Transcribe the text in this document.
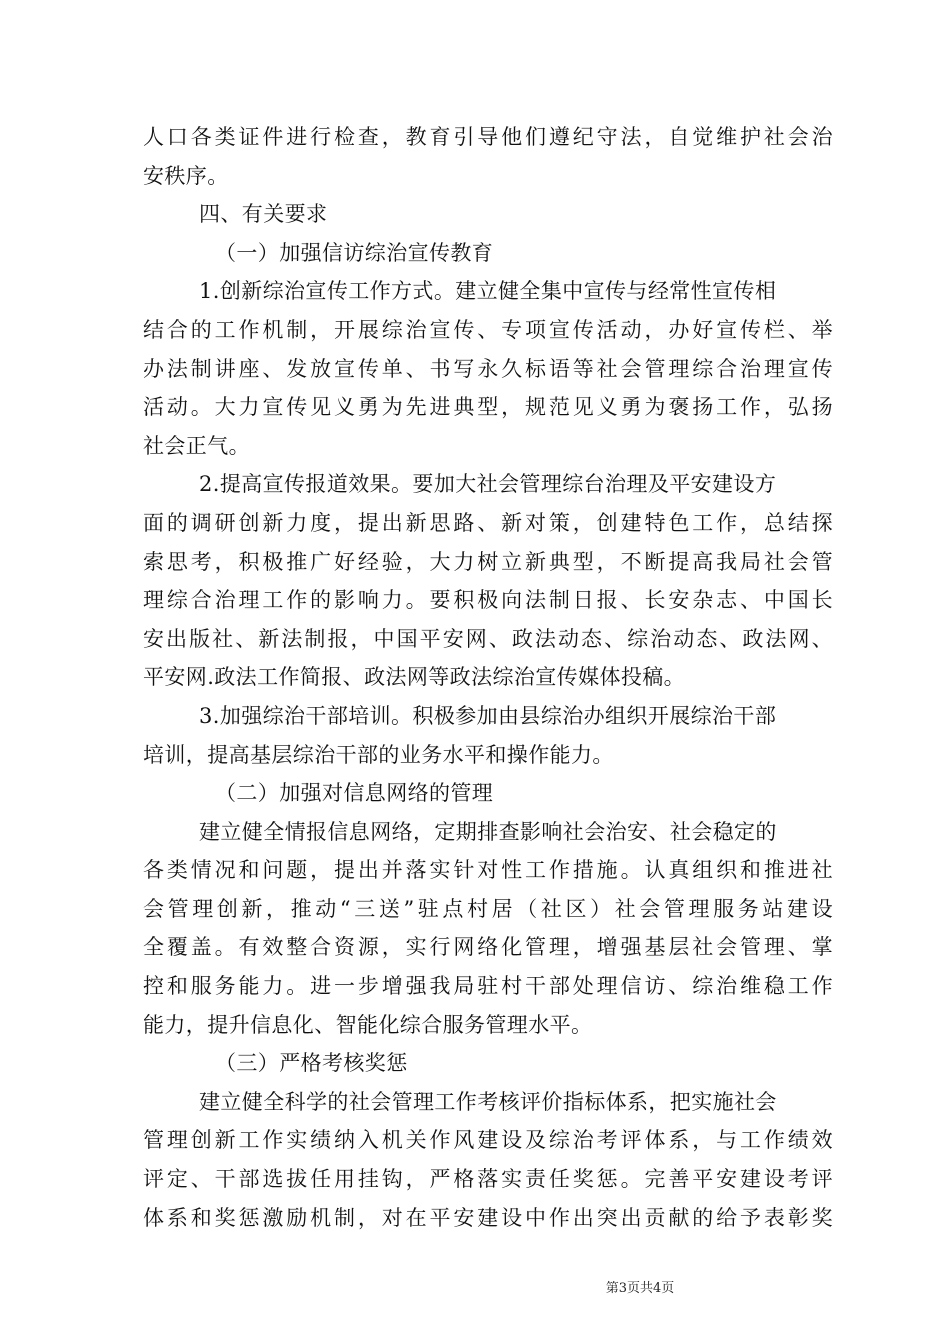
人口各类证件进行检查，教育引导他们遵纪守法，自觉维护社会治
安秩序。
四、有关要求
（一）加强信访综治宣传教育
1.创新综治宣传工作方式。建立健全集中宣传与经常性宣传相
结合的工作机制，开展综治宣传、专项宣传活动，办好宣传栏、举
办法制讲座、发放宣传单、书写永久标语等社会管理综合治理宣传
活动。大力宣传见义勇为先进典型，规范见义勇为褒扬工作，弘扬
社会正气。
2.提高宣传报道效果。要加大社会管理综台治理及平安建设方
面的调研创新力度，提出新思路、新对策，创建特色工作，总结探
索思考，积极推广好经验，大力树立新典型，不断提高我局社会管
理综合治理工作的影响力。要积极向法制日报、长安杂志、中国长
安出版社、新法制报，中国平安网、政法动态、综治动态、政法网、
平安网.政法工作简报、政法网等政法综治宣传媒体投稿。
3.加强综治干部培训。积极参加由县综治办组织开展综治干部
培训，提高基层综治干部的业务水平和操作能力。
（二）加强对信息网络的管理
建立健全情报信息网络，定期排查影响社会治安、社会稳定的
各类情况和问题，提出并落实针对性工作措施。认真组织和推进社
会管理创新，推动“三送”驻点村居（社区）社会管理服务站建设
全覆盖。有效整合资源，实行网络化管理，增强基层社会管理、掌
控和服务能力。进一步增强我局驻村干部处理信访、综治维稳工作
能力，提升信息化、智能化综合服务管理水平。
（三）严格考核奖惩
建立健全科学的社会管理工作考核评价指标体系，把实施社会
管理创新工作实绩纳入机关作风建设及综治考评体系，与工作绩效
评定、干部选拔任用挂钩，严格落实责任奖惩。完善平安建设考评
体系和奖惩激励机制，对在平安建设中作出突出贡献的给予表彰奖
第3页共4页
